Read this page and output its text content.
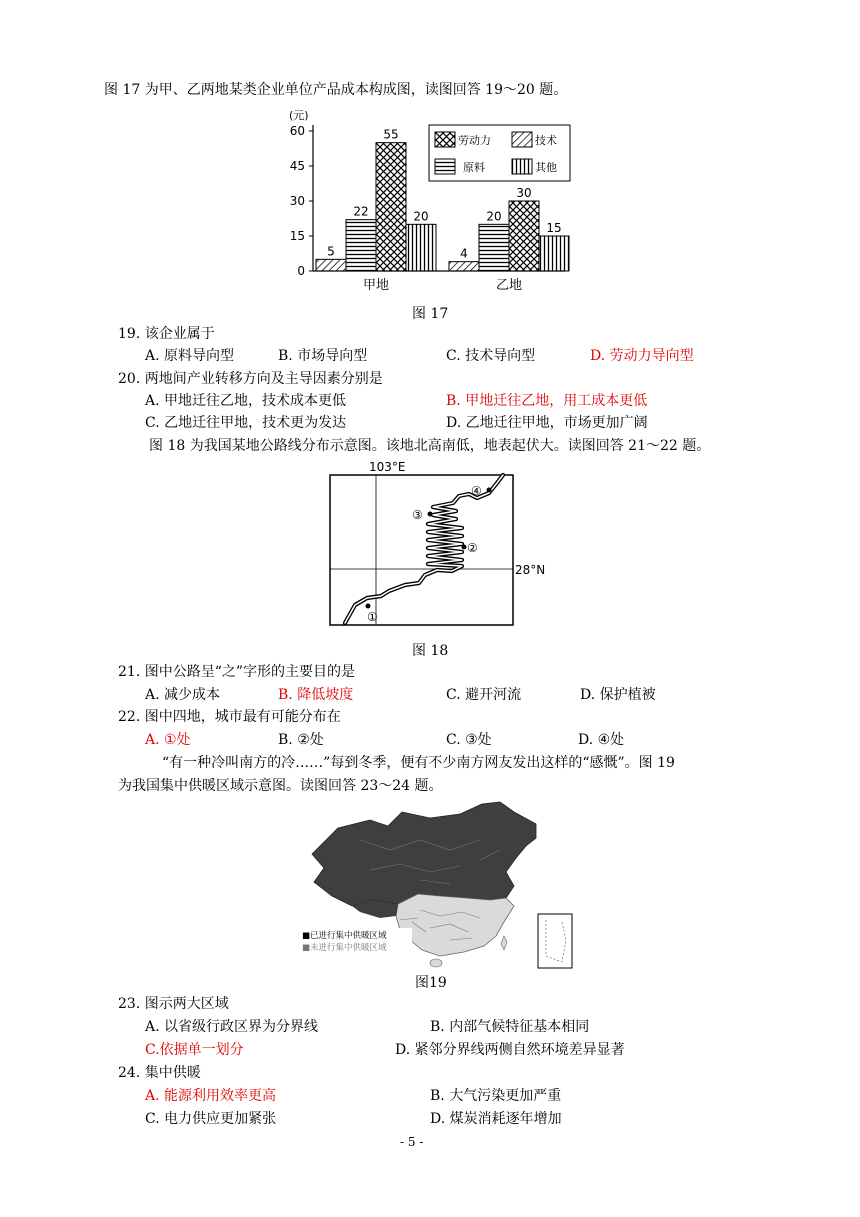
图 17 为甲、乙两地某类企业单位产品成本构成图，读图回答 19～20 题。
0
15
30
45
60
5
22
55
20
甲地
4
20
30
15
乙地
(元)
劳动力	技术
原料	其他
图 17
19. 该企业属于
A. 原料导向型	B. 市场导向型	C. 技术导向型	D. 劳动力导向型
20. 两地间产业转移方向及主导因素分别是
A. 甲地迁往乙地，技术成本更低	B. 甲地迁往乙地，用工成本更低
C. 乙地迁往甲地，技术更为发达	D. 乙地迁往甲地，市场更加广阔
图 18 为我国某地公路线分布示意图。该地北高南低，地表起伏大。读图回答 21～22 题。
103°E
28°N
①
②
③
④
图 18
21. 图中公路呈“之”字形的主要目的是
A. 减少成本	B. 降低坡度	C. 避开河流	D. 保护植被
22. 图中四地，城市最有可能分布在
A. ①处	B. ②处	C. ③处	D. ④处
“有一种冷叫南方的冷……”每到冬季，便有不少南方网友发出这样的“感慨”。图 19
为我国集中供暖区域示意图。读图回答 23～24 题。
■已进行集中供暖区域
■未进行集中供暖区域
图19
23. 图示两大区域
A. 以省级行政区界为分界线	B. 内部气候特征基本相同
C.依据单一划分	D. 紧邻分界线两侧自然环境差异显著
24. 集中供暖
A. 能源利用效率更高	B. 大气污染更加严重
C. 电力供应更加紧张	D. 煤炭消耗逐年增加
- 5 -
